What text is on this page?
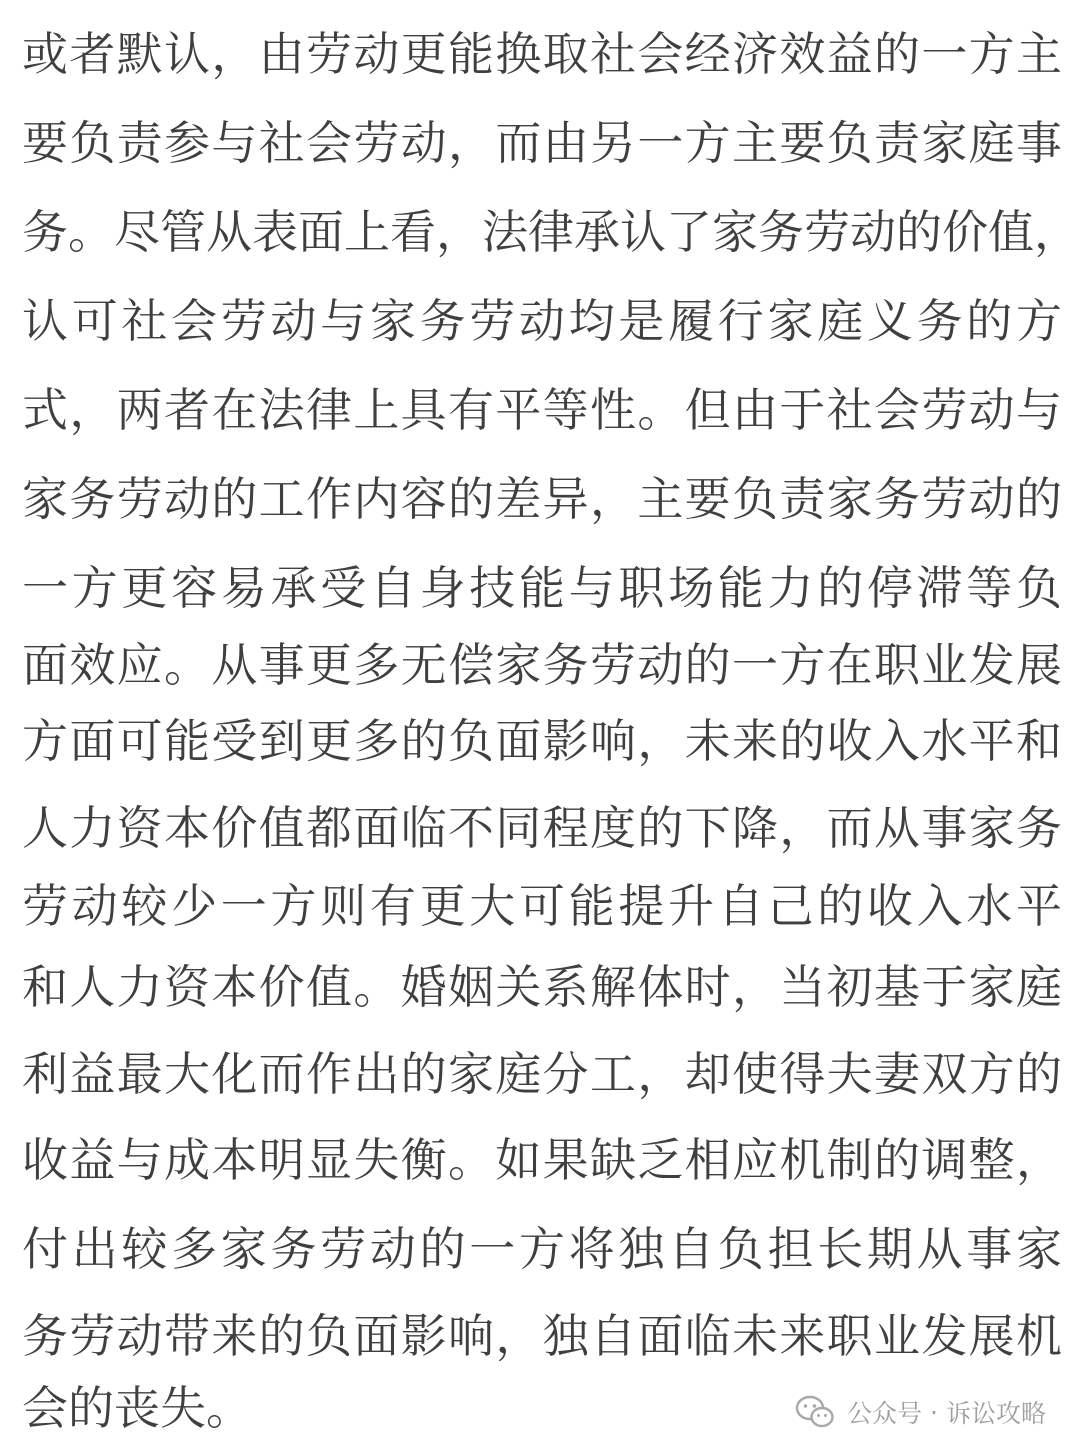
或者默认，由劳动更能换取社会经济效益的一方主
要负责参与社会劳动，而由另一方主要负责家庭事
务。尽管从表面上看，法律承认了家务劳动的价值，
认可社会劳动与家务劳动均是履行家庭义务的方
式，两者在法律上具有平等性。但由于社会劳动与
家务劳动的工作内容的差异，主要负责家务劳动的
一方更容易承受自身技能与职场能力的停滞等负
面效应。从事更多无偿家务劳动的一方在职业发展
方面可能受到更多的负面影响，未来的收入水平和
人力资本价值都面临不同程度的下降，而从事家务
劳动较少一方则有更大可能提升自己的收入水平
和人力资本价值。婚姻关系解体时，当初基于家庭
利益最大化而作出的家庭分工，却使得夫妻双方的
收益与成本明显失衡。如果缺乏相应机制的调整，
付出较多家务劳动的一方将独自负担长期从事家
务劳动带来的负面影响，独自面临未来职业发展机
会的丧失。	公众号 · 诉讼攻略
